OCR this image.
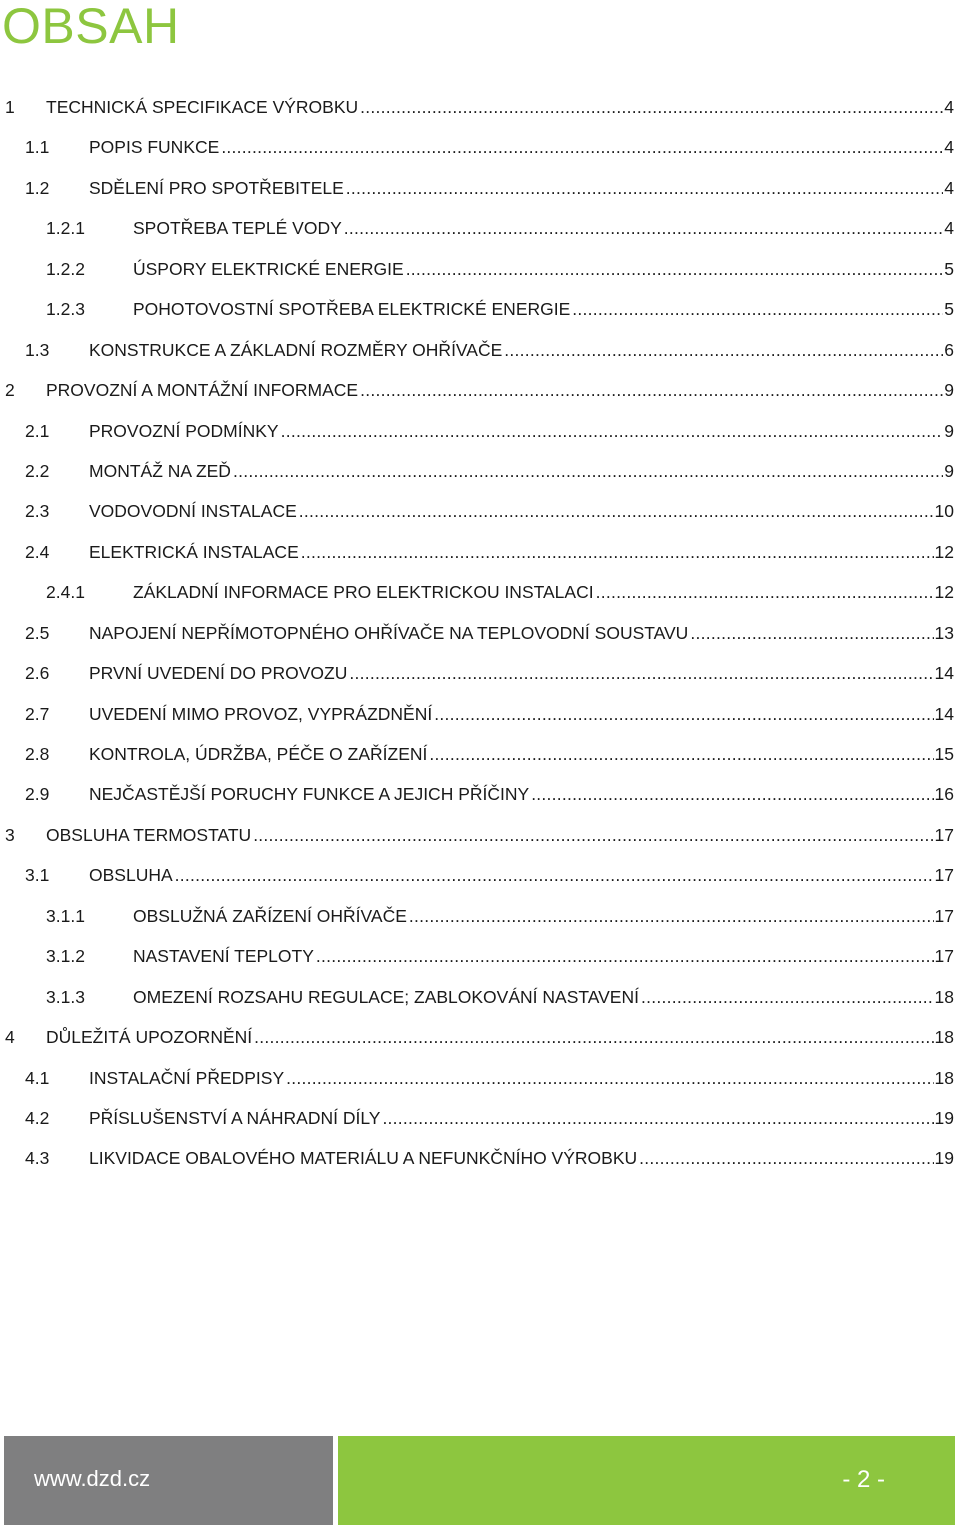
OBSAH
1	TECHNICKÁ SPECIFIKACE VÝROBKU . . .	4
1.1	POPIS FUNKCE . . .	4
1.2	SDĚLENÍ PRO SPOTŘEBITELE . . .	4
1.2.1	SPOTŘEBA TEPLÉ VODY . . .	4
1.2.2	ÚSPORY ELEKTRICKÉ ENERGIE . . .	5
1.2.3	POHOTOVOSTNÍ SPOTŘEBA ELEKTRICKÉ ENERGIE . . .	5
1.3	KONSTRUKCE A ZÁKLADNÍ ROZMĚRY OHŘÍVAČE . . .	6
2	PROVOZNÍ A MONTÁŽNÍ INFORMACE . . .	9
2.1	PROVOZNÍ PODMÍNKY . . .	9
2.2	MONTÁŽ NA ZEĎ . . .	9
2.3	VODOVODNÍ INSTALACE . . .	10
2.4	ELEKTRICKÁ INSTALACE . . .	12
2.4.1	ZÁKLADNÍ INFORMACE PRO ELEKTRICKOU INSTALACI . . .	12
2.5	NAPOJENÍ NEPŘÍMOTOPNÉHO OHŘÍVAČE NA TEPLOVODNÍ SOUSTAVU . . .	13
2.6	PRVNÍ UVEDENÍ DO PROVOZU . . .	14
2.7	UVEDENÍ MIMO PROVOZ, VYPRÁZDNĚNÍ . . .	14
2.8	KONTROLA, ÚDRŽBA, PÉČE O ZAŘÍZENÍ . . .	15
2.9	NEJČASTĚJŠÍ PORUCHY FUNKCE A JEJICH PŘÍČINY . . .	16
3	OBSLUHA TERMOSTATU . . .	17
3.1	OBSLUHA . . .	17
3.1.1	OBSLUŽNÁ ZAŘÍZENÍ OHŘÍVAČE . . .	17
3.1.2	NASTAVENÍ TEPLOTY . . .	17
3.1.3	OMEZENÍ ROZSAHU REGULACE; ZABLOKOVÁNÍ NASTAVENÍ . . .	18
4	DŮLEŽITÁ UPOZORNĚNÍ . . .	18
4.1	INSTALAČNÍ PŘEDPISY . . .	18
4.2	PŘÍSLUŠENSTVÍ A NÁHRADNÍ DÍLY . . .	19
4.3	LIKVIDACE OBALOVÉHO MATERIÁLU A NEFUNKČNÍHO VÝROBKU . . .	19
www.dzd.cz	- 2 -
